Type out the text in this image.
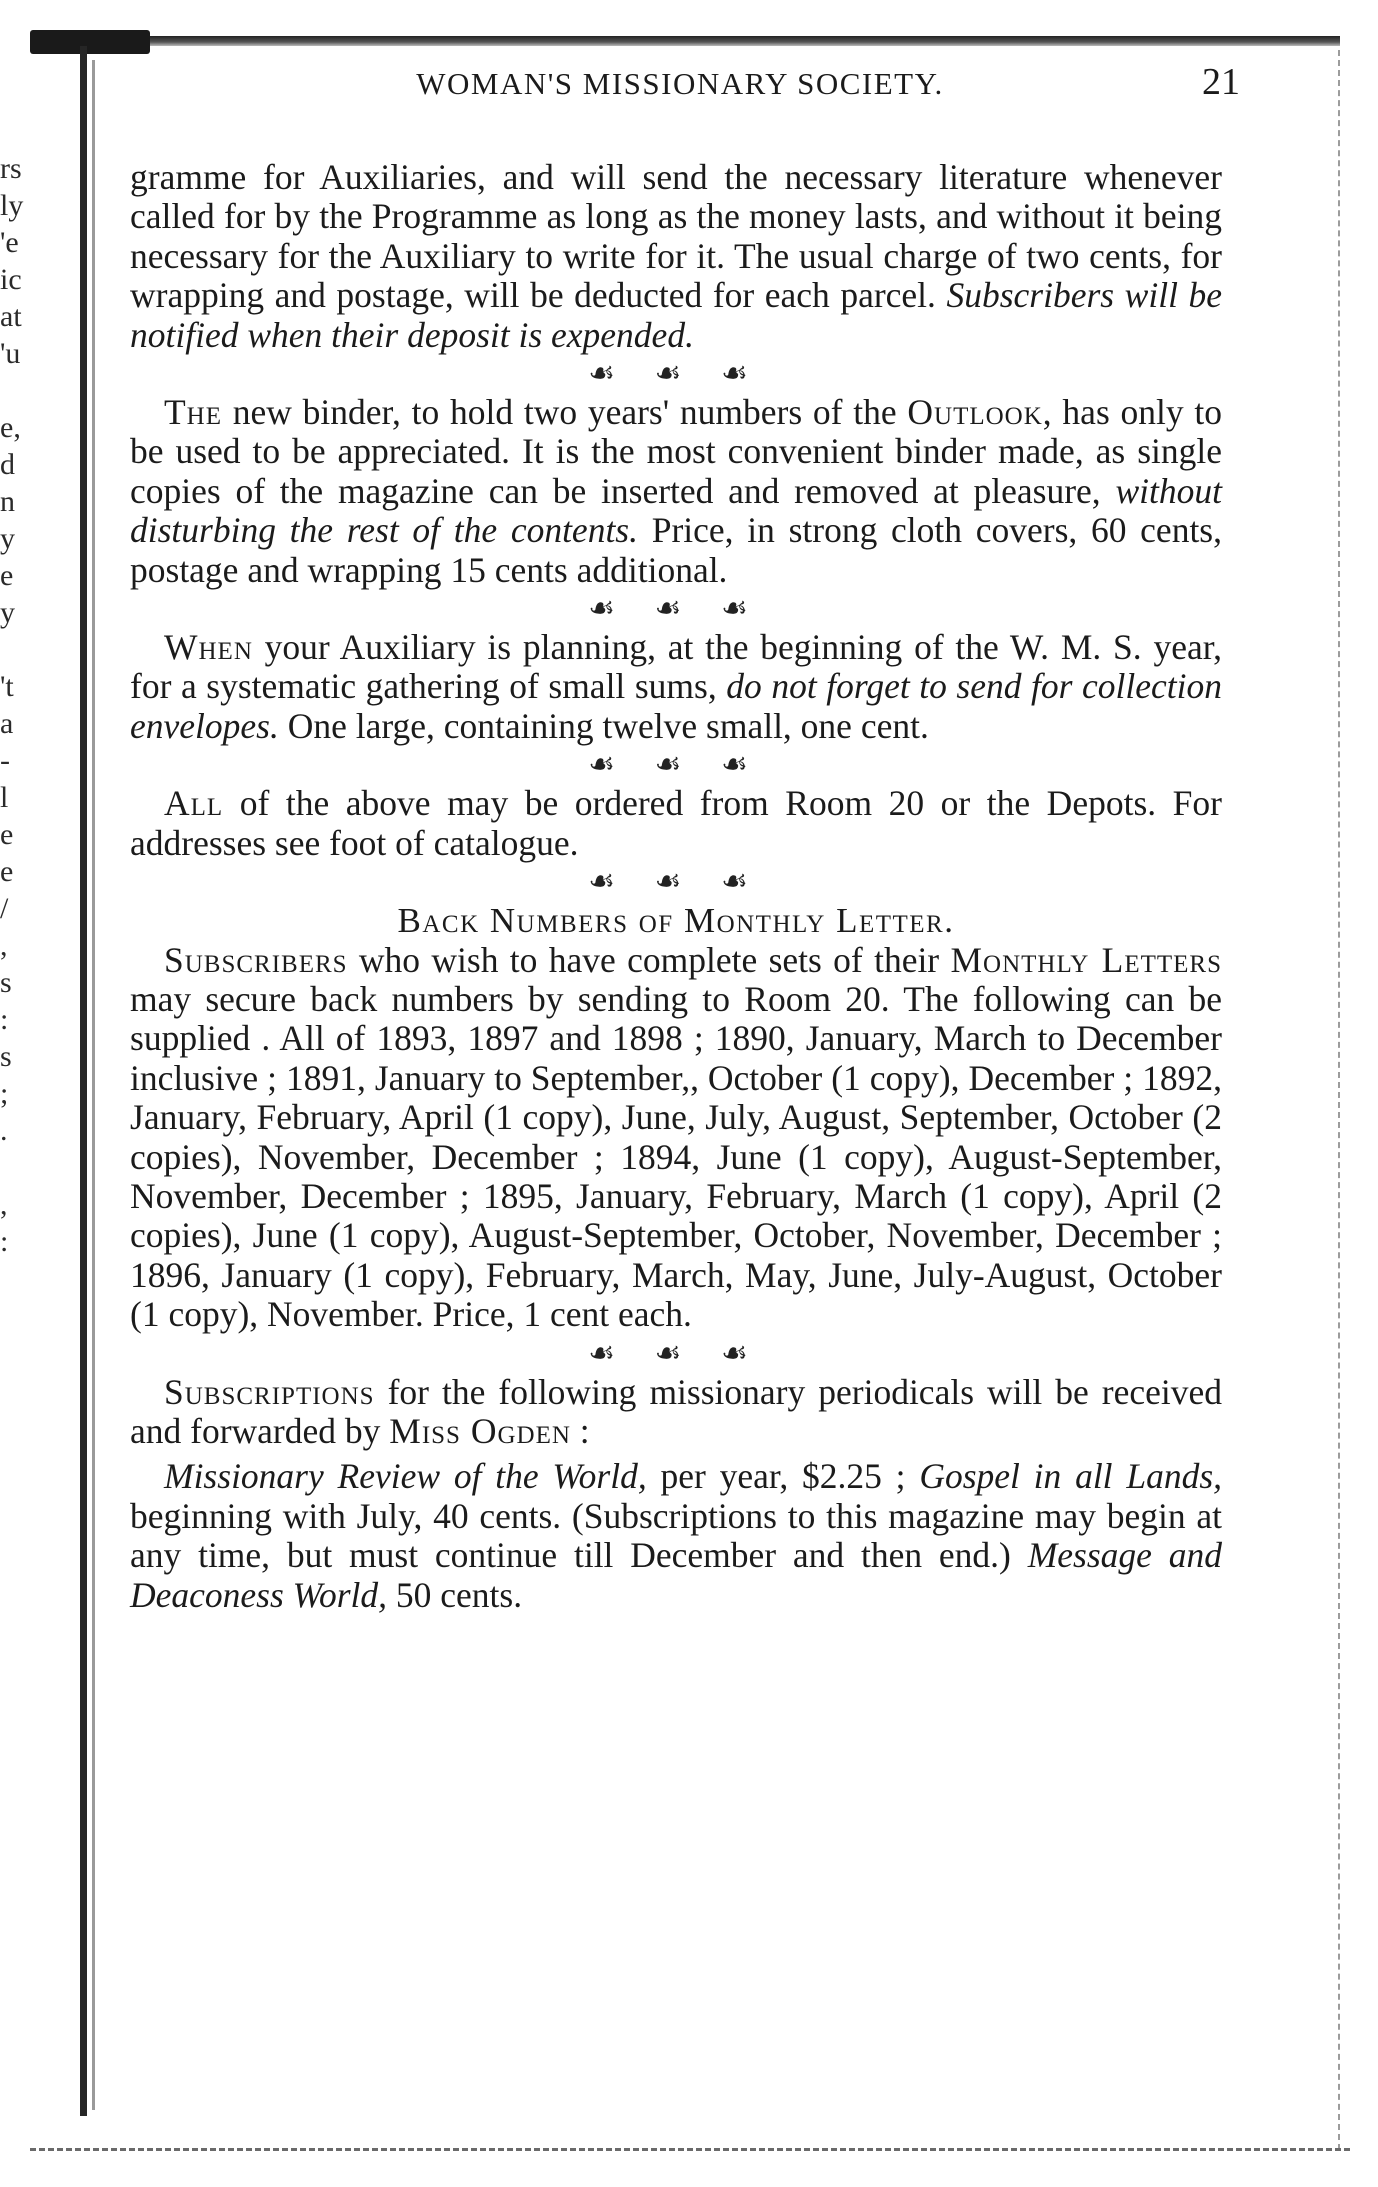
rs
ly
'e
ic
at
'u
e,
d
n
y
e
y
't
a
-
l
e
e
/
,
s
:
s
;
.
,
:
WOMAN'S MISSIONARY SOCIETY.	21

gramme for Auxiliaries, and will send the necessary literature whenever called for by the Programme as long as the money lasts, and without it being necessary for the Auxiliary to write for it. The usual charge of two cents, for wrapping and postage, will be deducted for each parcel. Subscribers will be notified when their deposit is expended.

☙ ☙ ☙

The new binder, to hold two years' numbers of the Outlook, has only to be used to be appreciated. It is the most convenient binder made, as single copies of the magazine can be inserted and removed at pleasure, without disturbing the rest of the contents. Price, in strong cloth covers, 60 cents, postage and wrapping 15 cents additional.

☙ ☙ ☙

When your Auxiliary is planning, at the beginning of the W. M. S. year, for a systematic gathering of small sums, do not forget to send for collection envelopes. One large, containing twelve small, one cent.

☙ ☙ ☙

All of the above may be ordered from Room 20 or the Depots. For addresses see foot of catalogue.

☙ ☙ ☙

Back Numbers of Monthly Letter.

Subscribers who wish to have complete sets of their Monthly Letters may secure back numbers by sending to Room 20. The following can be supplied . All of 1893, 1897 and 1898 ; 1890, January, March to December inclusive ; 1891, January to September,, October (1 copy), December ; 1892, January, February, April (1 copy), June, July, August, September, October (2 copies), November, December ; 1894, June (1 copy), August-September, November, December ; 1895, January, February, March (1 copy), April (2 copies), June (1 copy), August-September, October, November, December ; 1896, January (1 copy), February, March, May, June, July-August, October (1 copy), November. Price, 1 cent each.

☙ ☙ ☙

Subscriptions for the following missionary periodicals will be received and forwarded by Miss Ogden :

Missionary Review of the World, per year, $2.25 ; Gospel in all Lands, beginning with July, 40 cents. (Subscriptions to this magazine may begin at any time, but must continue till December and then end.) Message and Deaconess World, 50 cents.
